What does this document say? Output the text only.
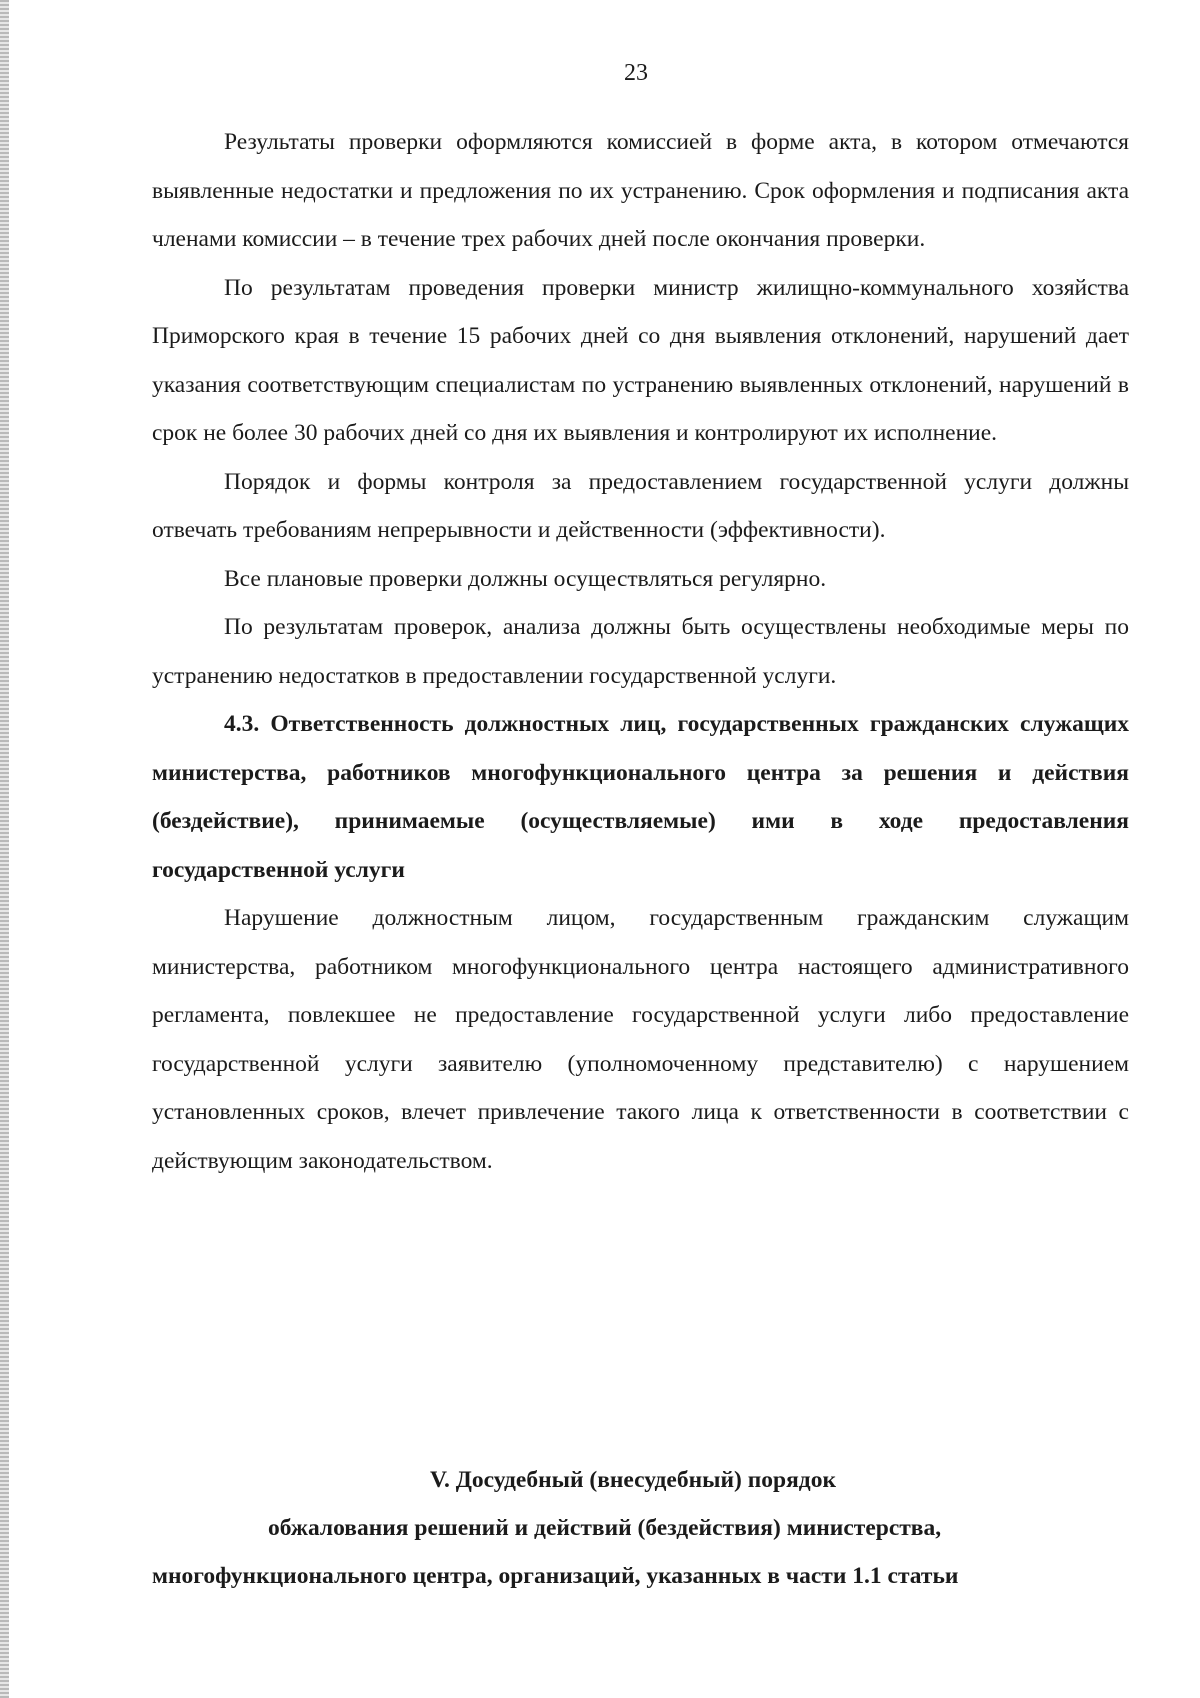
23

Результаты проверки оформляются комиссией в форме акта, в котором отмечаются выявленные недостатки и предложения по их устранению. Срок оформления и подписания акта членами комиссии – в течение трех рабочих дней после окончания проверки.

По результатам проведения проверки министр жилищно-коммунального хозяйства Приморского края в течение 15 рабочих дней со дня выявления отклонений, нарушений дает указания соответствующим специалистам по устранению выявленных отклонений, нарушений в срок не более 30 рабочих дней со дня их выявления и контролируют их исполнение.

Порядок и формы контроля за предоставлением государственной услуги должны отвечать требованиям непрерывности и действенности (эффективности).

Все плановые проверки должны осуществляться регулярно.

По результатам проверок, анализа должны быть осуществлены необходимые меры по устранению недостатков в предоставлении государственной услуги.

4.3. Ответственность должностных лиц, государственных гражданских служащих министерства, работников многофункционального центра за решения и действия (бездействие), принимаемые (осуществляемые) ими в ходе предоставления государственной услуги

Нарушение должностным лицом, государственным гражданским служащим министерства, работником многофункционального центра настоящего административного регламента, повлекшее не предоставление государственной услуги либо предоставление государственной услуги заявителю (уполномоченному представителю) с нарушением установленных сроков, влечет привлечение такого лица к ответственности в соответствии с действующим законодательством.

V. Досудебный (внесудебный) порядок
обжалования решений и действий (бездействия) министерства,
многофункционального центра, организаций, указанных в части 1.1 статьи
